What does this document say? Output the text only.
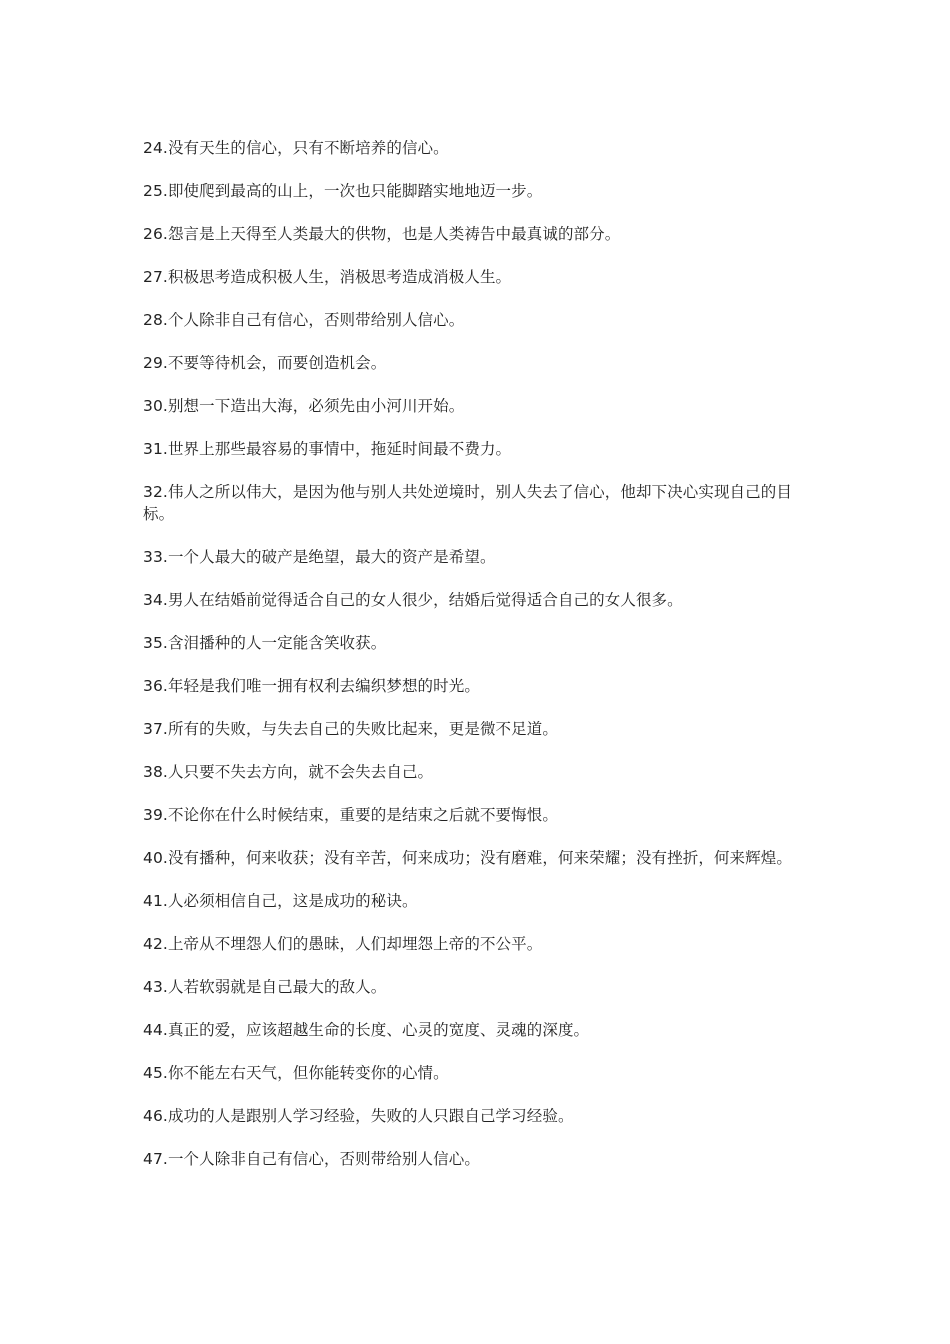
24.没有天生的信心，只有不断培养的信心。

25.即使爬到最高的山上，一次也只能脚踏实地地迈一步。

26.怨言是上天得至人类最大的供物，也是人类祷告中最真诚的部分。

27.积极思考造成积极人生，消极思考造成消极人生。

28.个人除非自己有信心，否则带给别人信心。

29.不要等待机会，而要创造机会。

30.别想一下造出大海，必须先由小河川开始。

31.世界上那些最容易的事情中，拖延时间最不费力。

32.伟人之所以伟大，是因为他与别人共处逆境时，别人失去了信心，他却下决心实现自己的目标。

33.一个人最大的破产是绝望，最大的资产是希望。

34.男人在结婚前觉得适合自己的女人很少，结婚后觉得适合自己的女人很多。

35.含泪播种的人一定能含笑收获。

36.年轻是我们唯一拥有权利去编织梦想的时光。

37.所有的失败，与失去自己的失败比起来，更是微不足道。

38.人只要不失去方向，就不会失去自己。

39.不论你在什么时候结束，重要的是结束之后就不要悔恨。

40.没有播种，何来收获；没有辛苦，何来成功；没有磨难，何来荣耀；没有挫折，何来辉煌。

41.人必须相信自己，这是成功的秘诀。

42.上帝从不埋怨人们的愚昧，人们却埋怨上帝的不公平。

43.人若软弱就是自己最大的敌人。

44.真正的爱，应该超越生命的长度、心灵的宽度、灵魂的深度。

45.你不能左右天气，但你能转变你的心情。

46.成功的人是跟别人学习经验，失败的人只跟自己学习经验。

47.一个人除非自己有信心，否则带给别人信心。
